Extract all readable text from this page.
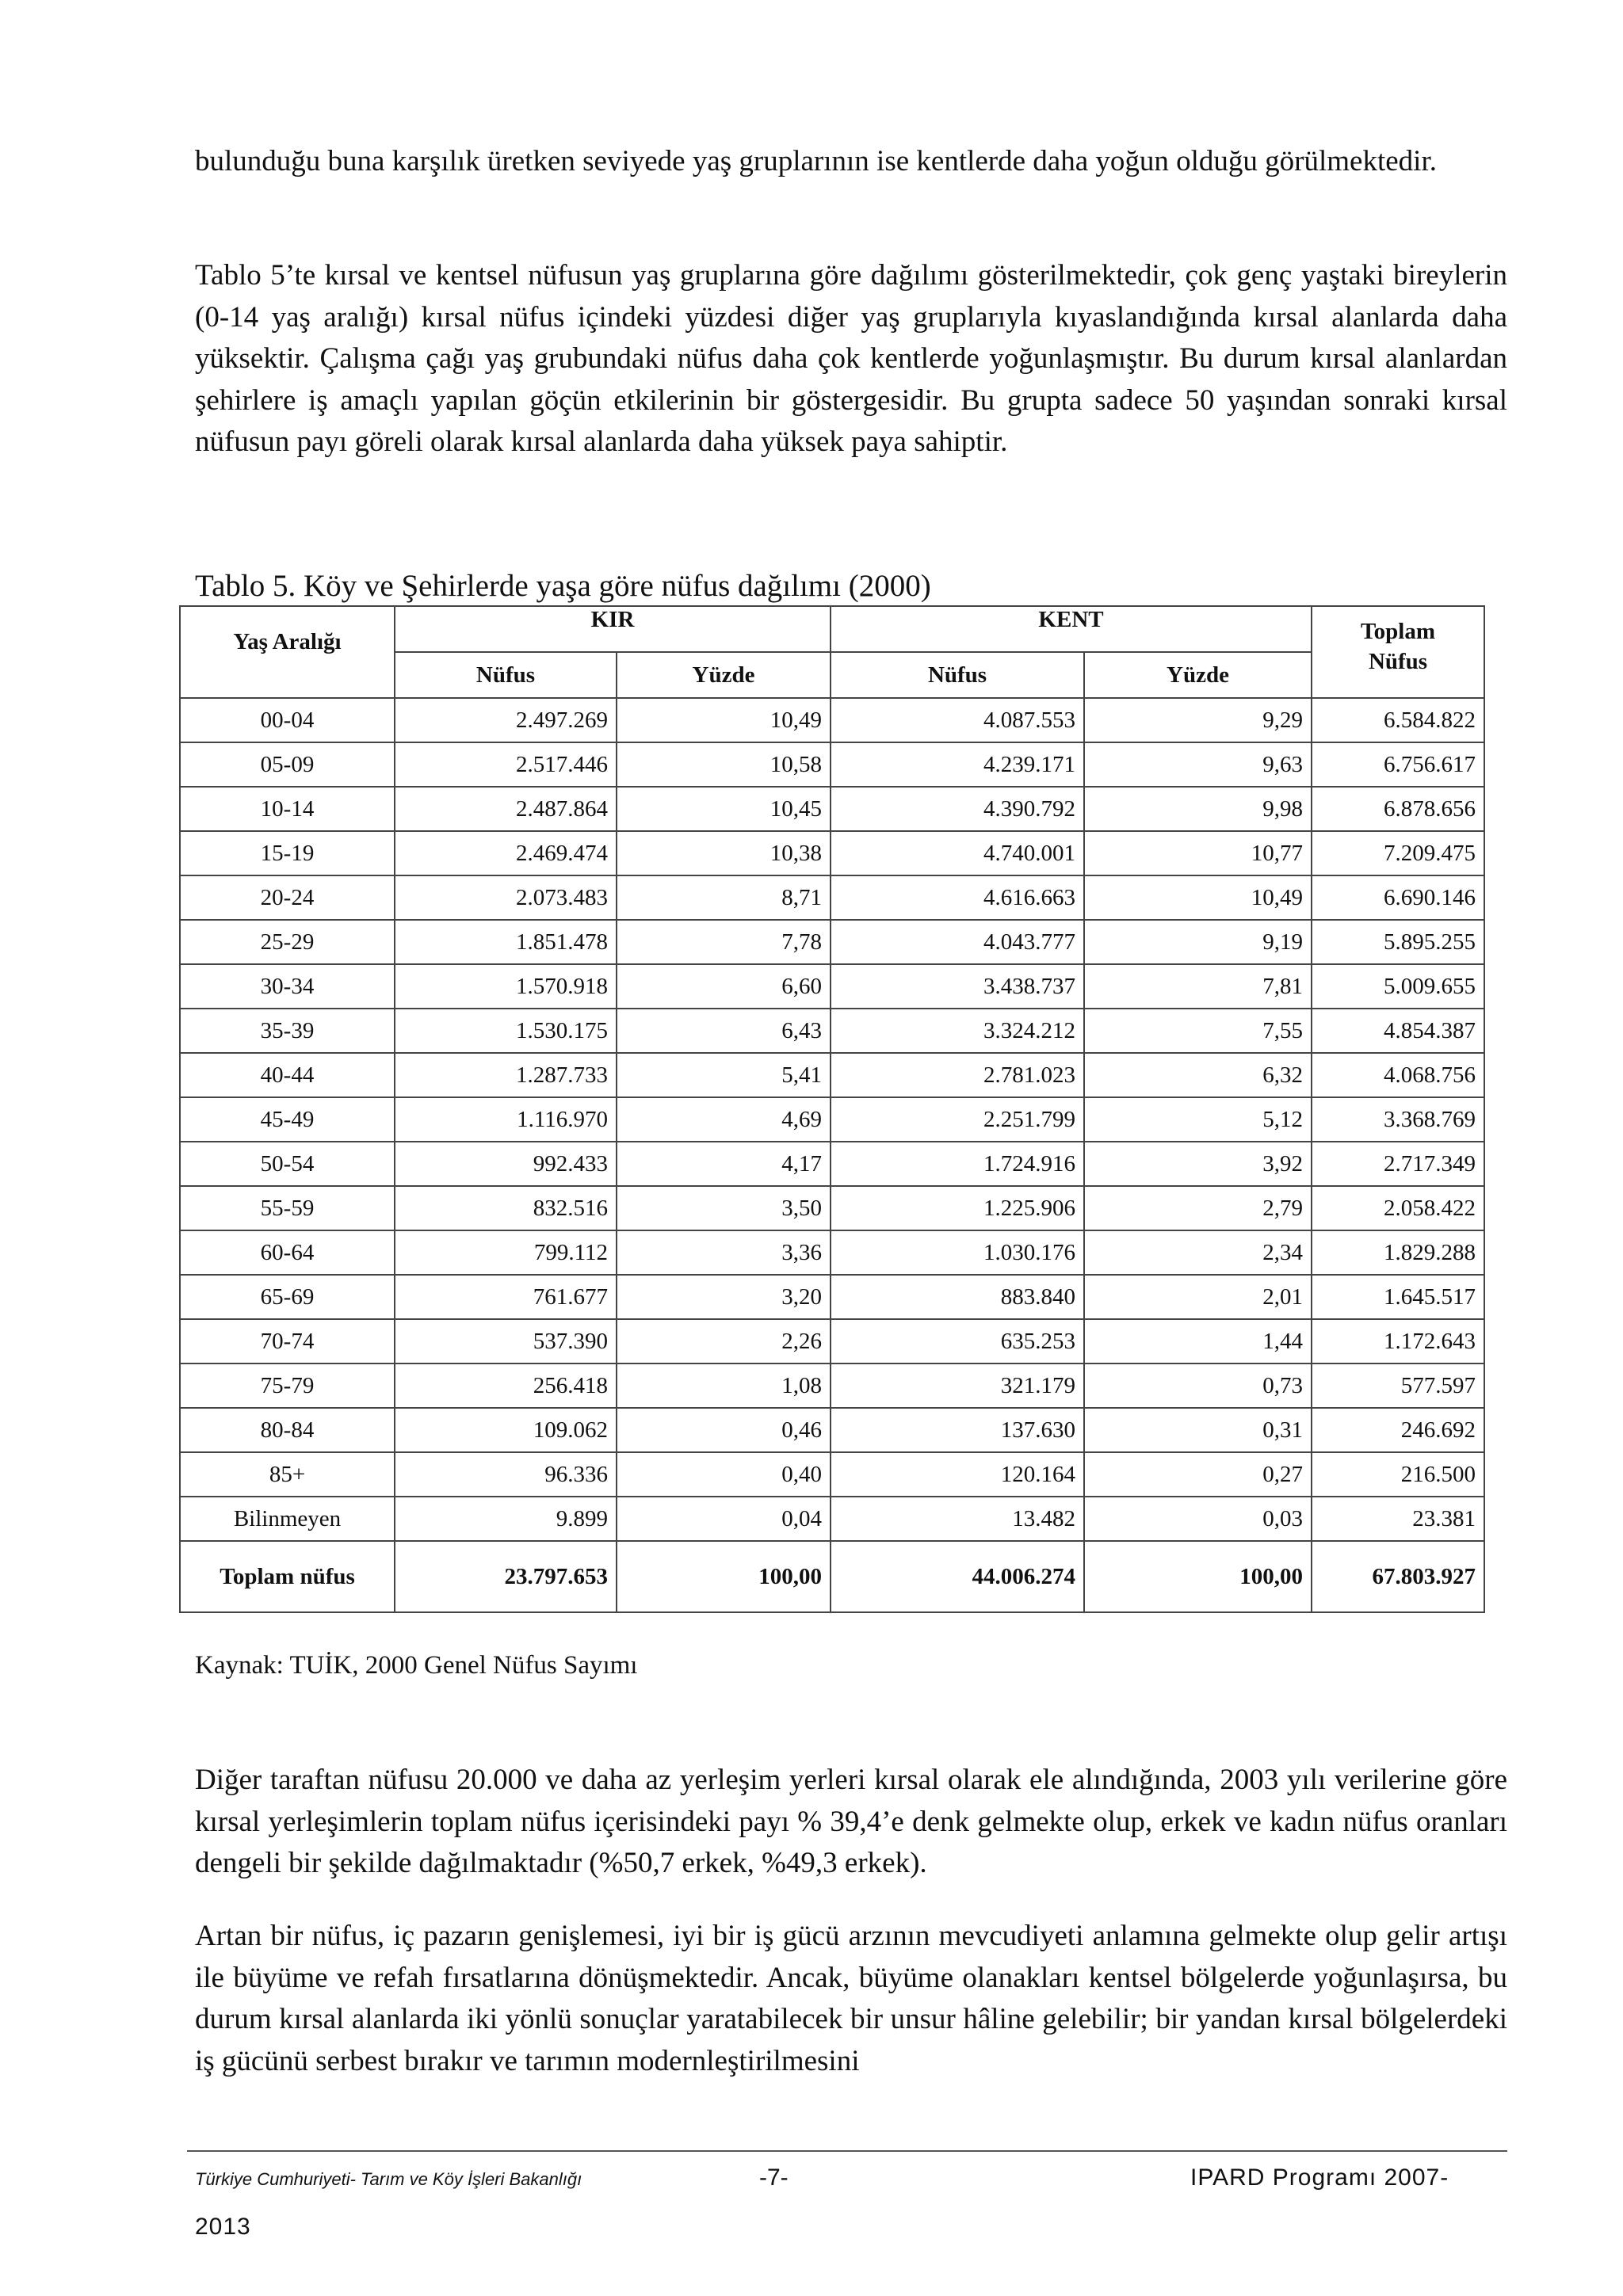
bulunduğu buna karşılık üretken seviyede yaş gruplarının ise kentlerde daha yoğun olduğu görülmektedir.

Tablo 5’te kırsal ve kentsel nüfusun yaş gruplarına göre dağılımı gösterilmektedir, çok genç yaştaki bireylerin (0-14 yaş aralığı) kırsal nüfus içindeki yüzdesi diğer yaş gruplarıyla kıyaslandığında kırsal alanlarda daha yüksektir. Çalışma çağı yaş grubundaki nüfus daha çok kentlerde yoğunlaşmıştır. Bu durum kırsal alanlardan şehirlere iş amaçlı yapılan göçün etkilerinin bir göstergesidir. Bu grupta sadece 50 yaşından sonraki kırsal nüfusun payı göreli olarak kırsal alanlarda daha yüksek paya sahiptir.

Tablo 5. Köy ve Şehirlerde yaşa göre nüfus dağılımı (2000)

Yaş Aralığı	KIR		KENT		Toplam
Nüfus
	Nüfus	Yüzde	Nüfus	Yüzde	
00-04	2.497.269	10,49	4.087.553	9,29	6.584.822
05-09	2.517.446	10,58	4.239.171	9,63	6.756.617
10-14	2.487.864	10,45	4.390.792	9,98	6.878.656
15-19	2.469.474	10,38	4.740.001	10,77	7.209.475
20-24	2.073.483	8,71	4.616.663	10,49	6.690.146
25-29	1.851.478	7,78	4.043.777	9,19	5.895.255
30-34	1.570.918	6,60	3.438.737	7,81	5.009.655
35-39	1.530.175	6,43	3.324.212	7,55	4.854.387
40-44	1.287.733	5,41	2.781.023	6,32	4.068.756
45-49	1.116.970	4,69	2.251.799	5,12	3.368.769
50-54	992.433	4,17	1.724.916	3,92	2.717.349
55-59	832.516	3,50	1.225.906	2,79	2.058.422
60-64	799.112	3,36	1.030.176	2,34	1.829.288
65-69	761.677	3,20	883.840	2,01	1.645.517
70-74	537.390	2,26	635.253	1,44	1.172.643
75-79	256.418	1,08	321.179	0,73	577.597
80-84	109.062	0,46	137.630	0,31	246.692
85+	96.336	0,40	120.164	0,27	216.500
Bilinmeyen	9.899	0,04	13.482	0,03	23.381
Toplam nüfus	23.797.653	100,00	44.006.274	100,00	67.803.927

Kaynak: TUİK, 2000 Genel Nüfus Sayımı

Diğer taraftan nüfusu 20.000 ve daha az yerleşim yerleri kırsal olarak ele alındığında, 2003 yılı verilerine göre kırsal yerleşimlerin toplam nüfus içerisindeki payı % 39,4’e denk gelmekte olup, erkek ve kadın nüfus oranları dengeli bir şekilde dağılmaktadır (%50,7 erkek, %49,3 erkek).

Artan bir nüfus, iç pazarın genişlemesi, iyi bir iş gücü arzının mevcudiyeti anlamına gelmekte olup gelir artışı ile büyüme ve refah fırsatlarına dönüşmektedir. Ancak, büyüme olanakları kentsel bölgelerde yoğunlaşırsa, bu durum kırsal alanlarda iki yönlü sonuçlar yaratabilecek bir unsur hâline gelebilir; bir yandan kırsal bölgelerdeki iş gücünü serbest bırakır ve tarımın modernleştirilmesini

Türkiye Cumhuriyeti- Tarım ve Köy İşleri Bakanlığı	-7-	IPARD Programı 2007-
2013
